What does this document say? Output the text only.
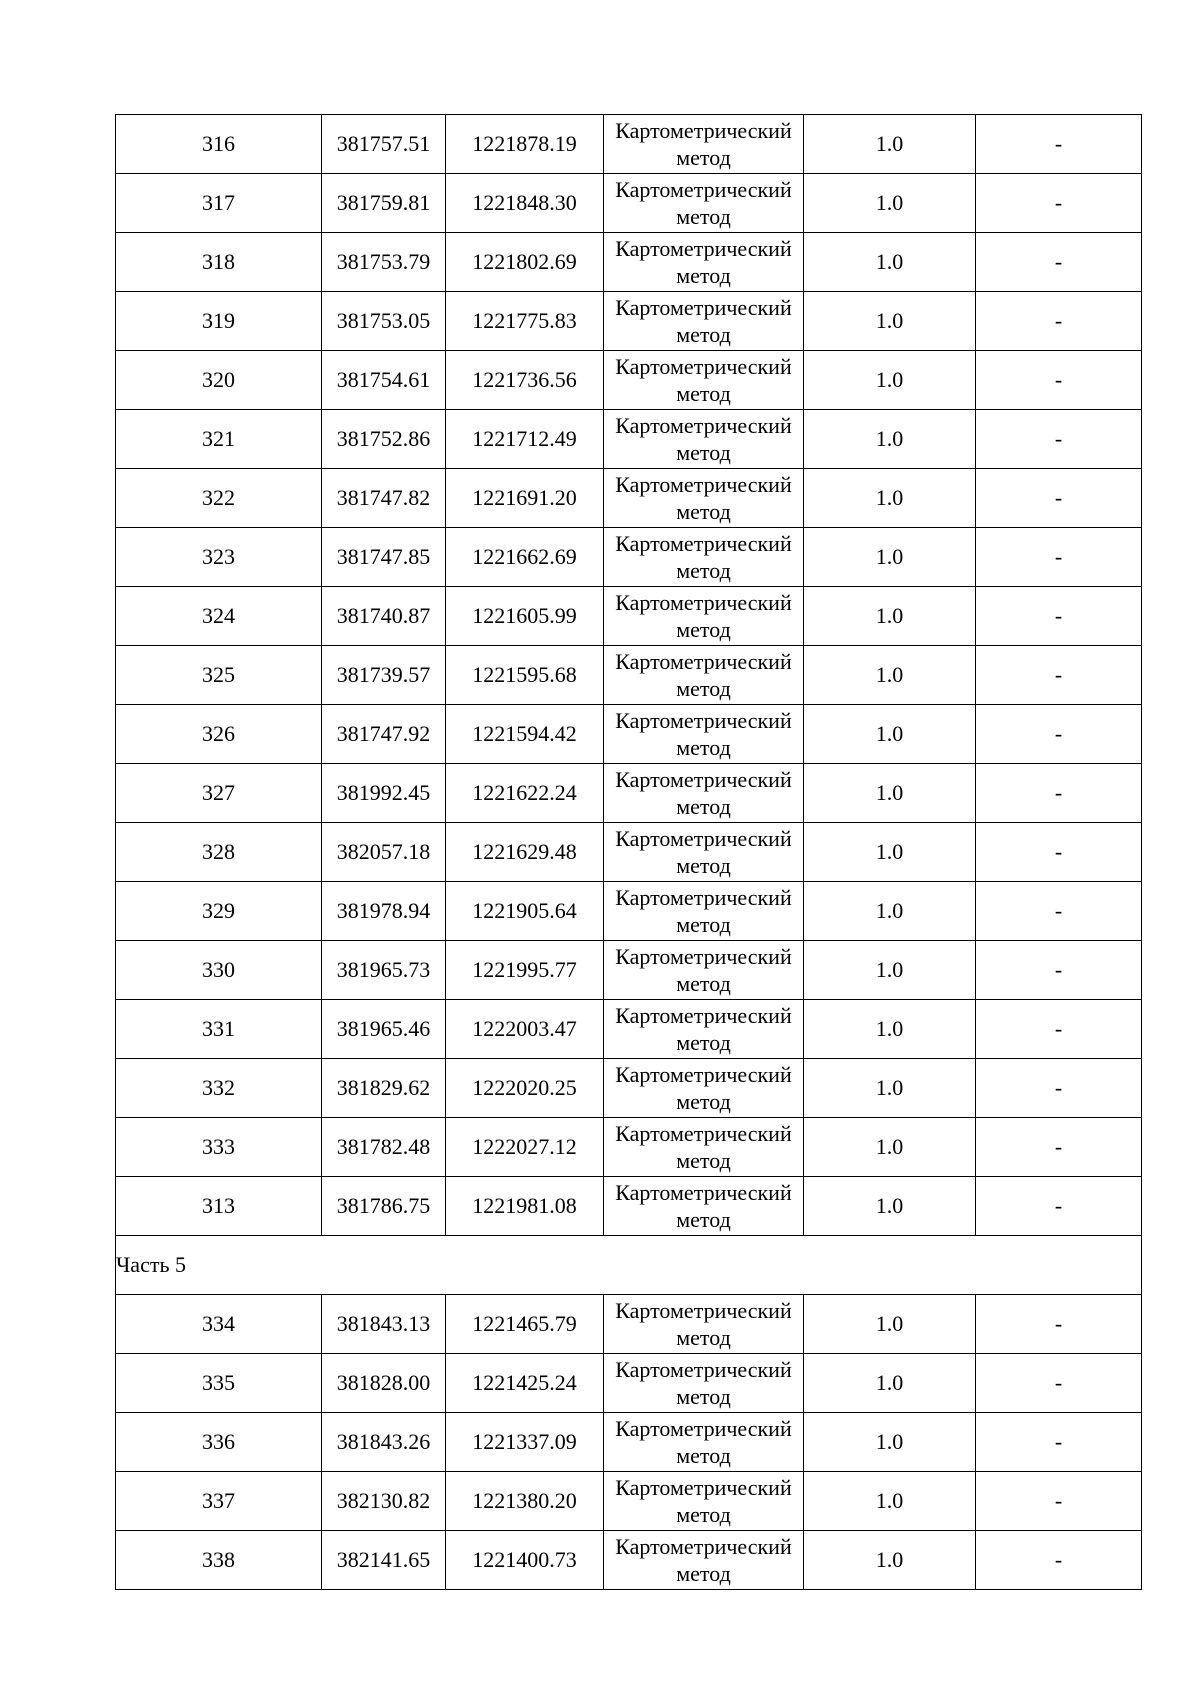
316	381757.51	1221878.19	Картометрический метод	1.0	-
317	381759.81	1221848.30	Картометрический метод	1.0	-
318	381753.79	1221802.69	Картометрический метод	1.0	-
319	381753.05	1221775.83	Картометрический метод	1.0	-
320	381754.61	1221736.56	Картометрический метод	1.0	-
321	381752.86	1221712.49	Картометрический метод	1.0	-
322	381747.82	1221691.20	Картометрический метод	1.0	-
323	381747.85	1221662.69	Картометрический метод	1.0	-
324	381740.87	1221605.99	Картометрический метод	1.0	-
325	381739.57	1221595.68	Картометрический метод	1.0	-
326	381747.92	1221594.42	Картометрический метод	1.0	-
327	381992.45	1221622.24	Картометрический метод	1.0	-
328	382057.18	1221629.48	Картометрический метод	1.0	-
329	381978.94	1221905.64	Картометрический метод	1.0	-
330	381965.73	1221995.77	Картометрический метод	1.0	-
331	381965.46	1222003.47	Картометрический метод	1.0	-
332	381829.62	1222020.25	Картометрический метод	1.0	-
333	381782.48	1222027.12	Картометрический метод	1.0	-
313	381786.75	1221981.08	Картометрический метод	1.0	-
Часть 5					
334	381843.13	1221465.79	Картометрический метод	1.0	-
335	381828.00	1221425.24	Картометрический метод	1.0	-
336	381843.26	1221337.09	Картометрический метод	1.0	-
337	382130.82	1221380.20	Картометрический метод	1.0	-
338	382141.65	1221400.73	Картометрический метод	1.0	-
